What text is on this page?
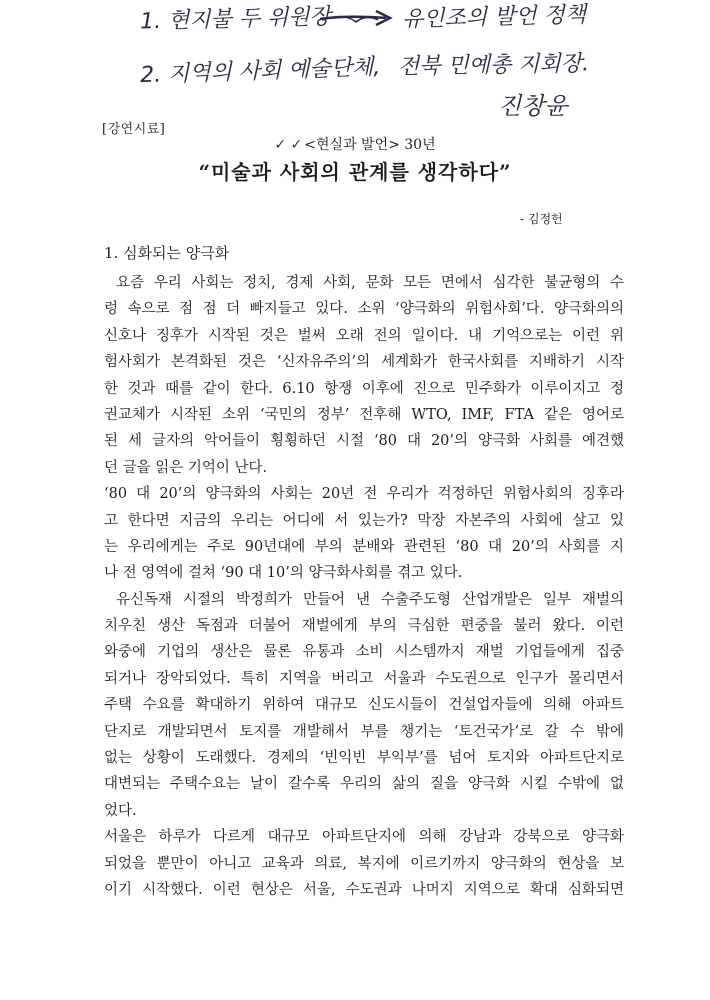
1. 현지불 두 위원장	유인조의 발언 정책
2. 지역의 사회 예술단체, 전북 민예총 지회장.
진창윤
[강연시료]
✓ ✓ <현실과 발언> 30년
“미술과 사회의 관계를 생각하다”
- 김정헌
1. 심화되는 양극화
요즘 우리 사회는 정치, 경제 사회, 문화 모든 면에서 심각한 불균형의 수
렁 속으로 점 점 더 빠지들고 있다. 소위 ‘양극화의 위험사회’다. 양극화의의
신호나 징후가 시작된 것은 벌써 오래 전의 일이다. 내 기억으로는 이런 위
험사회가 본격화된 것은 ‘신자유주의’의 세계화가 한국사회를 지배하기 시작
한 것과 때를 같이 한다. 6.10 항쟁 이후에 진으로 민주화가 이루이지고 정
권교체가 시작된 소위 ‘국민의 정부’ 전후해 WTO, IMF, FTA 같은 영어로
된 세 글자의 악어들이 횡횡하던 시절 ‘80 대 20’의 양극화 사회를 예견했
던 글을 읽은 기억이 난다.
‘80 대 20’의 양극화의 사회는 20년 전 우리가 걱정하던 위험사회의 징후라
고 한다면 지금의 우리는 어디에 서 있는가? 막장 자본주의 사회에 살고 있
는 우리에게는 주로 90년대에 부의 분배와 관련된 ‘80 대 20’의 사회를 지
나 전 영역에 걸쳐 ‘90 대 10’의 양극화사회를 겪고 있다.
유신독재 시절의 박정희가 만들어 낸 수출주도형 산업개발은 일부 재벌의
치우친 생산 독점과 더불어 재벌에게 부의 극심한 편중을 불러 왔다. 이런
와중에 기업의 생산은 물론 유통과 소비 시스템까지 재벌 기업들에게 집중
되거나 장악되었다. 특히 지역을 버리고 서울과 수도권으로 인구가 몰리면서
주택 수요를 확대하기 위하여 대규모 신도시들이 건설업자들에 의해 아파트
단지로 개발되면서 토지를 개발해서 부를 챙기는 ‘토건국가’로 갈 수 밖에
없는 상황이 도래했다. 경제의 ‘빈익빈 부익부’를 넘어 토지와 아파트단지로
대변되는 주택수요는 날이 갈수록 우리의 삶의 질을 양극화 시킬 수밖에 없
었다.
서울은 하루가 다르게 대규모 아파트단지에 의해 강남과 강북으로 양극화
되었을 뿐만이 아니고 교육과 의료, 복지에 이르기까지 양극화의 현상을 보
이기 시작했다. 이런 현상은 서울, 수도권과 나머지 지역으로 확대 심화되면
